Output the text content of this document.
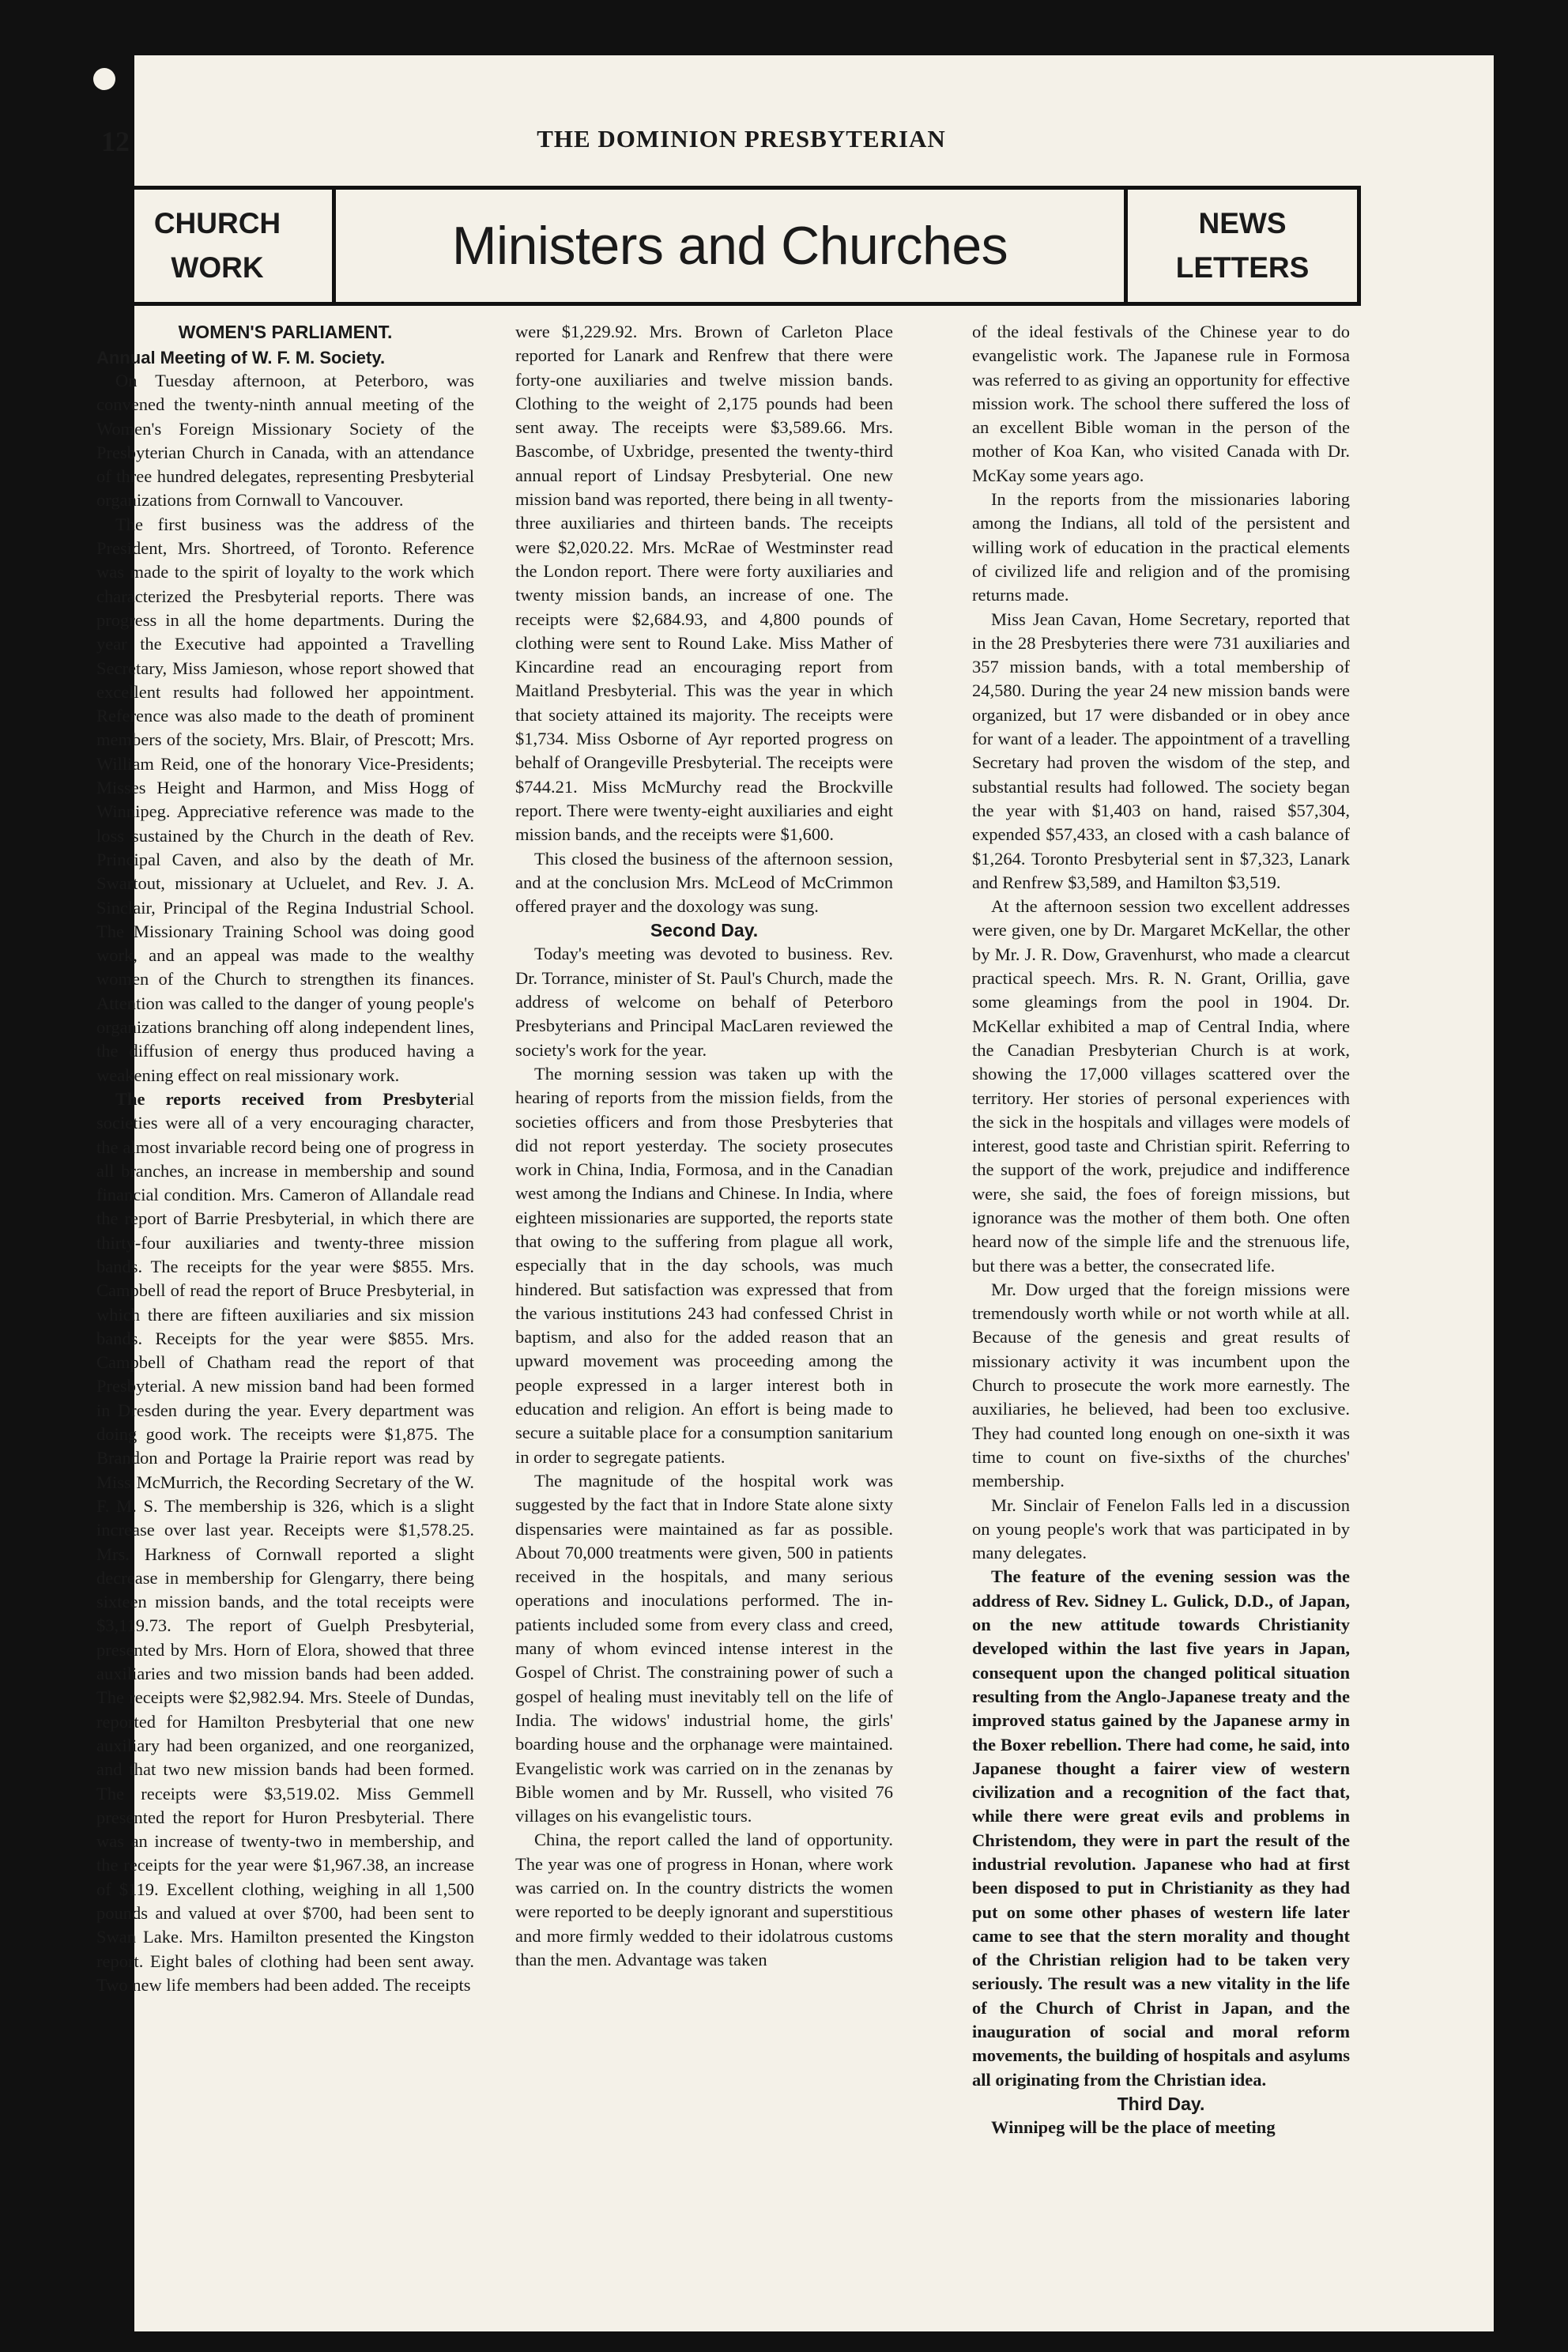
12	THE DOMINION PRESBYTERIAN
CHURCH
WORK	Ministers and Churches	NEWS
LETTERS
WOMEN'S PARLIAMENT.
Annual Meeting of W. F. M. Society.

On Tuesday afternoon, at Peterboro, was convened the twenty-ninth annual meeting of the Women's Foreign Missionary Society of the Presbyterian Church in Canada, with an attendance of three hundred delegates, representing Presbyterial organizations from Cornwall to Vancouver.

The first business was the address of the President, Mrs. Shortreed, of Toronto. Reference was made to the spirit of loyalty to the work which characterized the Presbyterial reports. There was progress in all the home departments. During the year the Executive had appointed a Travelling Secretary, Miss Jamieson, whose report showed that excellent results had followed her appointment. Reference was also made to the death of prominent members of the society, Mrs. Blair, of Prescott; Mrs. William Reid, one of the honorary Vice-Presidents; Misses Height and Harmon, and Miss Hogg of Winnipeg. Appreciative reference was made to the loss sustained by the Church in the death of Rev. Principal Caven, and also by the death of Mr. Swartout, missionary at Ucluelet, and Rev. J. A. Sinclair, Principal of the Regina Industrial School. The Missionary Training School was doing good work, and an appeal was made to the wealthy women of the Church to strengthen its finances. Attention was called to the danger of young people's organizations branching off along independent lines, the diffusion of energy thus produced having a weakening effect on real missionary work.

The reports received from Presbyterial societies were all of a very encouraging character, the almost invariable record being one of progress in all branches, an increase in membership and sound financial condition. Mrs. Cameron of Allandale read the report of Barrie Presbyterial, in which there are thirty-four auxiliaries and twenty-three mission bands. The receipts for the year were $855. Mrs. Campbell of read the report of Bruce Presbyterial, in which there are fifteen auxiliaries and six mission bands. Receipts for the year were $855. Mrs. Campbell of Chatham read the report of that Presbyterial. A new mission band had been formed in Dresden during the year. Every department was doing good work. The receipts were $1,875. The Brandon and Portage la Prairie report was read by Miss McMurrich, the Recording Secretary of the W. F. M. S. The membership is 326, which is a slight increase over last year. Receipts were $1,578.25. Mrs. Harkness of Cornwall reported a slight decrease in membership for Glengarry, there being sixteen mission bands, and the total receipts were $3,119.73. The report of Guelph Presbyterial, presented by Mrs. Horn of Elora, showed that three auxiliaries and two mission bands had been added. The receipts were $2,982.94. Mrs. Steele of Dundas, reported for Hamilton Presbyterial that one new auxiliary had been organized, and one reorganized, and that two new mission bands had been formed. The receipts were $3,519.02. Miss Gemmell presented the report for Huron Presbyterial. There was an increase of twenty-two in membership, and the receipts for the year were $1,967.38, an increase of $119. Excellent clothing, weighing in all 1,500 pounds and valued at over $700, had been sent to Swan Lake. Mrs. Hamilton presented the Kingston report. Eight bales of clothing had been sent away. Two new life members had been added. The receipts

were $1,229.92. Mrs. Brown of Carleton Place reported for Lanark and Renfrew that there were forty-one auxiliaries and twelve mission bands. Clothing to the weight of 2,175 pounds had been sent away. The receipts were $3,589.66. Mrs. Bascombe, of Uxbridge, presented the twenty-third annual report of Lindsay Presbyterial. One new mission band was reported, there being in all twenty-three auxiliaries and thirteen bands. The receipts were $2,020.22. Mrs. McRae of Westminster read the London report. There were forty auxiliaries and twenty mission bands, an increase of one. The receipts were $2,684.93, and 4,800 pounds of clothing were sent to Round Lake. Miss Mather of Kincardine read an encouraging report from Maitland Presbyterial. This was the year in which that society attained its majority. The receipts were $1,734. Miss Osborne of Ayr reported progress on behalf of Orangeville Presbyterial. The receipts were $744.21. Miss McMurchy read the Brockville report. There were twenty-eight auxiliaries and eight mission bands, and the receipts were $1,600.

This closed the business of the afternoon session, and at the conclusion Mrs. McLeod of McCrimmon offered prayer and the doxology was sung.

Second Day.

Today's meeting was devoted to business. Rev. Dr. Torrance, minister of St. Paul's Church, made the address of welcome on behalf of Peterboro Presbyterians and Principal MacLaren reviewed the society's work for the year.

The morning session was taken up with the hearing of reports from the mission fields, from the societies officers and from those Presbyteries that did not report yesterday. The society prosecutes work in China, India, Formosa, and in the Canadian west among the Indians and Chinese. In India, where eighteen missionaries are supported, the reports state that owing to the suffering from plague all work, especially that in the day schools, was much hindered. But satisfaction was expressed that from the various institutions 243 had confessed Christ in baptism, and also for the added reason that an upward movement was proceeding among the people expressed in a larger interest both in education and religion. An effort is being made to secure a suitable place for a consumption sanitarium in order to segregate patients.

The magnitude of the hospital work was suggested by the fact that in Indore State alone sixty dispensaries were maintained as far as possible. About 70,000 treatments were given, 500 in patients received in the hospitals, and many serious operations and inoculations performed. The in-patients included some from every class and creed, many of whom evinced intense interest in the Gospel of Christ. The constraining power of such a gospel of healing must inevitably tell on the life of India. The widows' industrial home, the girls' boarding house and the orphanage were maintained. Evangelistic work was carried on in the zenanas by Bible women and by Mr. Russell, who visited 76 villages on his evangelistic tours.

China, the report called the land of opportunity. The year was one of progress in Honan, where work was carried on. In the country districts the women were reported to be deeply ignorant and superstitious and more firmly wedded to their idolatrous customs than the men. Advantage was taken

of the ideal festivals of the Chinese year to do evangelistic work. The Japanese rule in Formosa was referred to as giving an opportunity for effective mission work. The school there suffered the loss of an excellent Bible woman in the person of the mother of Koa Kan, who visited Canada with Dr. McKay some years ago.

In the reports from the missionaries laboring among the Indians, all told of the persistent and willing work of education in the practical elements of civilized life and religion and of the promising returns made.

Miss Jean Cavan, Home Secretary, reported that in the 28 Presbyteries there were 731 auxiliaries and 357 mission bands, with a total membership of 24,580. During the year 24 new mission bands were organized, but 17 were disbanded or in obey ance for want of a leader. The appointment of a travelling Secretary had proven the wisdom of the step, and substantial results had followed. The society began the year with $1,403 on hand, raised $57,304, expended $57,433, an closed with a cash balance of $1,264. Toronto Presbyterial sent in $7,323, Lanark and Renfrew $3,589, and Hamilton $3,519.

At the afternoon session two excellent addresses were given, one by Dr. Margaret McKellar, the other by Mr. J. R. Dow, Gravenhurst, who made a clearcut practical speech. Mrs. R. N. Grant, Orillia, gave some gleamings from the pool in 1904. Dr. McKellar exhibited a map of Central India, where the Canadian Presbyterian Church is at work, showing the 17,000 villages scattered over the territory. Her stories of personal experiences with the sick in the hospitals and villages were models of interest, good taste and Christian spirit. Referring to the support of the work, prejudice and indifference were, she said, the foes of foreign missions, but ignorance was the mother of them both. One often heard now of the simple life and the strenuous life, but there was a better, the consecrated life.

Mr. Dow urged that the foreign missions were tremendously worth while or not worth while at all. Because of the genesis and great results of missionary activity it was incumbent upon the Church to prosecute the work more earnestly. The auxiliaries, he believed, had been too exclusive. They had counted long enough on one-sixth it was time to count on five-sixths of the churches' membership.

Mr. Sinclair of Fenelon Falls led in a discussion on young people's work that was participated in by many delegates.

The feature of the evening session was the address of Rev. Sidney L. Gulick, D.D., of Japan, on the new attitude towards Christianity developed within the last five years in Japan, consequent upon the changed political situation resulting from the Anglo-Japanese treaty and the improved status gained by the Japanese army in the Boxer rebellion. There had come, he said, into Japanese thought a fairer view of western civilization and a recognition of the fact that, while there were great evils and problems in Christendom, they were in part the result of the industrial revolution. Japanese who had at first been disposed to put in Christianity as they had put on some other phases of western life later came to see that the stern morality and thought of the Christian religion had to be taken very seriously. The result was a new vitality in the life of the Church of Christ in Japan, and the inauguration of social and moral reform movements, the building of hospitals and asylums all originating from the Christian idea.

Third Day.

Winnipeg will be the place of meeting
